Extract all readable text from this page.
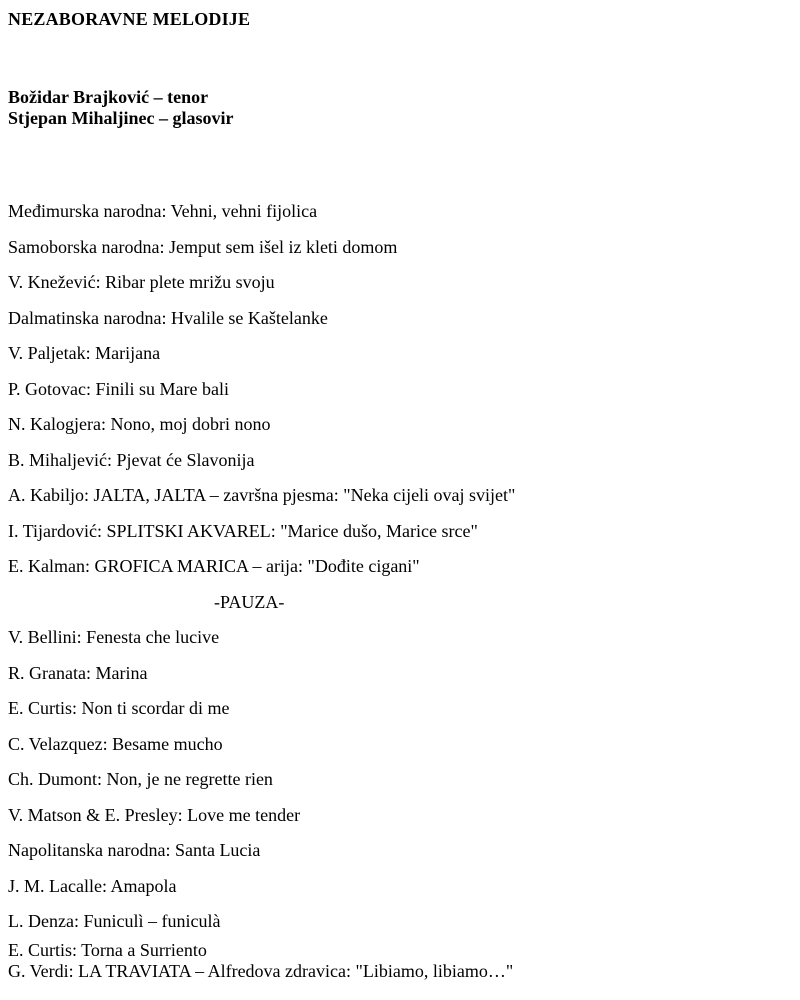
NEZABORAVNE MELODIJE
Božidar Brajković – tenor
Stjepan Mihaljinec – glasovir
Međimurska narodna: Vehni, vehni fijolica
Samoborska narodna: Jemput sem išel iz kleti domom
V. Knežević: Ribar plete mrižu svoju
Dalmatinska narodna: Hvalile se Kaštelanke
V. Paljetak: Marijana
P. Gotovac: Finili su Mare bali
N. Kalogjera: Nono, moj dobri nono
B. Mihaljević: Pjevat će Slavonija
A. Kabiljo: JALTA, JALTA – završna pjesma: "Neka cijeli ovaj svijet"
I. Tijardović: SPLITSKI AKVAREL: "Marice dušo, Marice srce"
E. Kalman: GROFICA MARICA – arija: "Dođite cigani"
-PAUZA-
V. Bellini: Fenesta che lucive
R. Granata: Marina
E. Curtis: Non ti scordar di me
C. Velazquez: Besame mucho
Ch. Dumont: Non, je ne regrette rien
V. Matson & E. Presley: Love me tender
Napolitanska narodna: Santa Lucia
J. M. Lacalle: Amapola
L. Denza: Funiculì – funiculà
E. Curtis: Torna a Surriento
G. Verdi: LA TRAVIATA – Alfredova zdravica: "Libiamo, libiamo…"
